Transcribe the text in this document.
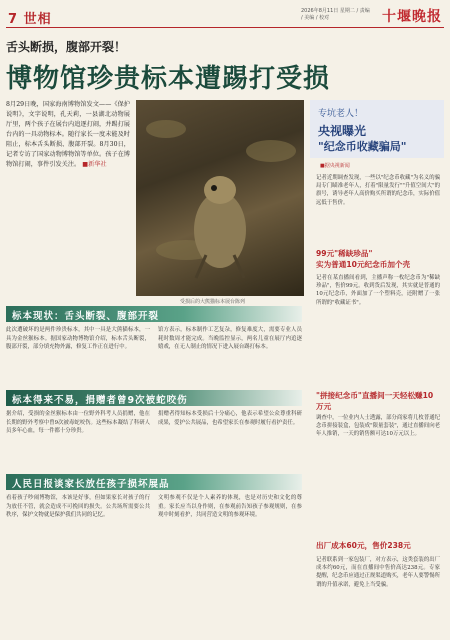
7 世相
2026年8月11日 星期二 / 责编 / 美编 / 校对	十堰晚报
舌头断损，腹部开裂！
博物馆珍贵标本遭踢打受损
8月29日晚，国家海南博物馆发文——《保护说明》，文字说明，孔天莉，一县湖北动物展厅里，两个孩子在展台内追逐打闹，并踢打展台内的一具动物标本。随行家长一度未能及时阻止，标本舌头断损、腹部开裂。8月30日，记者专访了国家动物博物馆等单位。孩子在博物馆打闹，事件引发关注。 ■新华社
受损后的大熊猫标本展台陈列
标本现状：舌头断裂、腹部开裂
此次遭破坏的是两件珍贵标本，其中一具是大熊猫标本，一具为金丝猴标本。据国家动物博物馆介绍，标本舌头断裂，腹部开裂，部分填充物外露，修复工作正在进行中。
馆方表示，标本制作工艺复杂，修复难度大，需要专业人员耗时数周才能完成。当晚监控显示，两名儿童在展厅内追逐嬉戏，在无人制止的情况下进入展台踢打标本。
标本得来不易，捐赠者曾9次被蛇咬伤
据介绍，受损的金丝猴标本由一位野外科考人员捐赠，他在长期的野外考察中曾9次被毒蛇咬伤。这些标本凝结了科研人员多年心血，每一件都十分珍贵。
捐赠者得知标本受损后十分痛心，他表示希望公众尊重科研成果，爱护公共展品，也希望家长在参观时履行看护责任。
人民日报谈家长放任孩子损坏展品
看着孩子吵闹博物馆，本该是好事，但如果家长对孩子的行为放任不管，就会造成不可挽回的损失。公共场所需要公共秩序，保护文物就是保护我们共同的记忆。
文明参观不仅是个人素养的体现，也是对历史和文化的尊重。家长应当以身作则，在参观前告知孩子参观规则，在参观中时刻看护，共同营造文明的参观环境。
专坑老人！
央视曝光
"纪念币收藏骗局"
■据央视新闻
记者近期调查发现，一些以"纪念币收藏"为名义的骗局专门瞄准老年人，打着"限量发行""升值空间大"的旗号，诱导老年人高价购买所谓的纪念币，实际价值远低于售价。
99元"稀缺珍品"
实为普通10元纪念币加个壳
记者在某直播间看到，主播声称一枚纪念币为"稀缺珍品"，售价99元。收到货后发现，其实就是普通的10元纪念币，外面加了一个塑料壳，还附赠了一张所谓的"收藏证书"。
"拼接纪念币"直播间一天轻松赚10万元
调查中，一位业内人士透露，部分商家将几枚普通纪念币拼接装盒，包装成"限量套装"，通过直播间向老年人推销，一天的销售额可达10万元以上。
出厂成本60元，售价238元
记者联系到一家包装厂，对方表示，这类套装的出厂成本约60元，而在直播间中售价高达238元。专家提醒，纪念币应通过正规渠道购买，老年人要警惕所谓的升值承诺，避免上当受骗。
